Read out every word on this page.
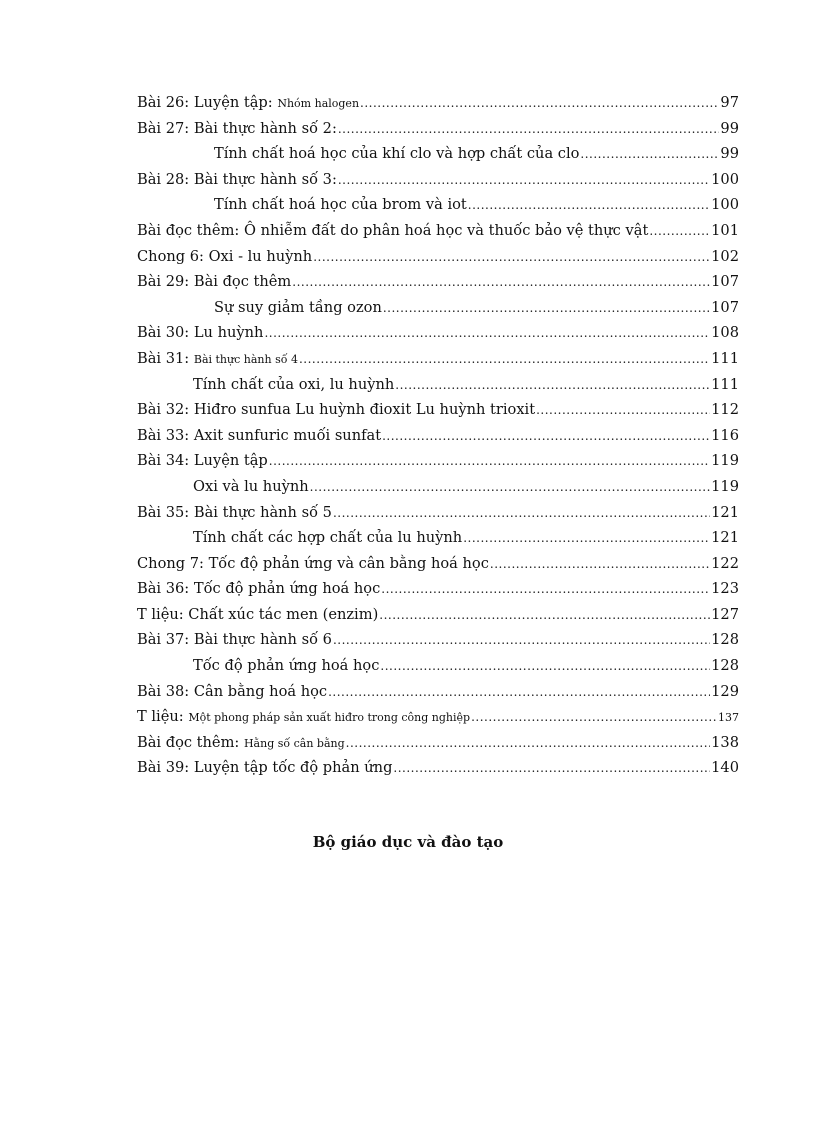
Bài 26: Luyện tập: Nhóm halogen .....	97
Bài 27: Bài thực hành số 2: .....	99
Tính chất hoá học của khí clo và hợp chất của clo .....	99
Bài 28: Bài thực hành số 3: .....	100
Tính chất hoá học của brom và iot .....	100
Bài đọc thêm: Ô nhiễm đất do phân hoá học và thuốc bảo vệ thực vật .....	101
Chong 6: Oxi - lu huỳnh .....	102
Bài 29: Bài đọc thêm .....	107
Sự suy giảm tầng ozon .....	107
Bài 30: Lu huỳnh .....	108
Bài 31: Bài thực hành số 4 .....	111
Tính chất của oxi, lu huỳnh .....	111
Bài 32: Hiđro sunfua Lu huỳnh đioxit Lu huỳnh trioxit .....	112
Bài 33: Axit sunfuric muối sunfat .....	116
Bài 34: Luyện tập .....	119
Oxi và lu huỳnh .....	119
Bài 35: Bài thực hành số 5 .....	121
Tính chất các hợp chất của lu huỳnh .....	121
Chong 7: Tốc độ phản ứng và cân bằng hoá học .....	122
Bài 36: Tốc độ phản ứng hoá học .....	123
T liệu: Chất xúc tác men (enzim) .....	127
Bài 37: Bài thực hành số 6 .....	128
Tốc độ phản ứng hoá học .....	128
Bài 38: Cân bằng hoá học .....	129
T liệu: Một phong pháp sản xuất hiđro trong công nghiệp .....	137
Bài đọc thêm: Hằng số cân bằng .....	138
Bài 39: Luyện tập tốc độ phản ứng .....	140
Bộ giáo dục và đào tạo
